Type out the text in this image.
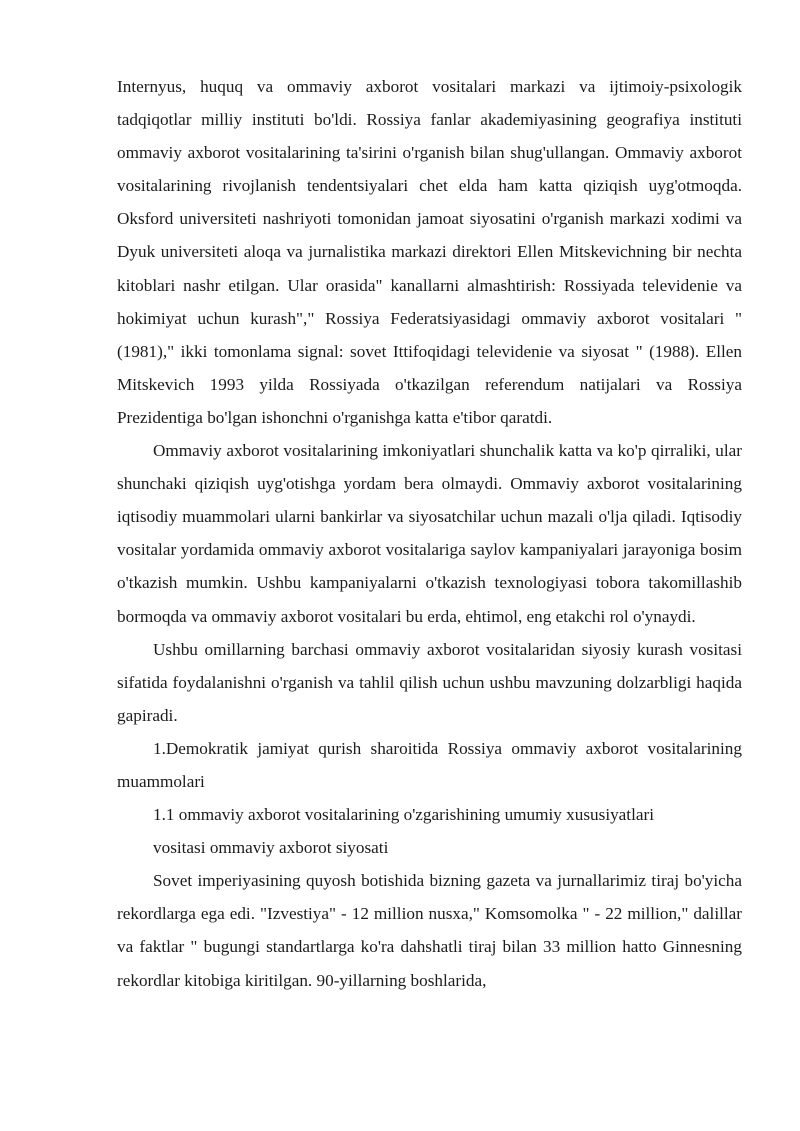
Internyus, huquq va ommaviy axborot vositalari markazi va ijtimoiy-psixologik tadqiqotlar milliy instituti bo'ldi. Rossiya fanlar akademiyasining geografiya instituti ommaviy axborot vositalarining ta'sirini o'rganish bilan shug'ullangan. Ommaviy axborot vositalarining rivojlanish tendentsiyalari chet elda ham katta qiziqish uyg'otmoqda. Oksford universiteti nashriyoti tomonidan jamoat siyosatini o'rganish markazi xodimi va Dyuk universiteti aloqa va jurnalistika markazi direktori Ellen Mitskevichning bir nechta kitoblari nashr etilgan. Ular orasida" kanallarni almashtirish: Rossiyada televidenie va hokimiyat uchun kurash"," Rossiya Federatsiyasidagi ommaviy axborot vositalari "(1981)," ikki tomonlama signal: sovet Ittifoqidagi televidenie va siyosat " (1988). Ellen Mitskevich 1993 yilda Rossiyada o'tkazilgan referendum natijalari va Rossiya Prezidentiga bo'lgan ishonchni o'rganishga katta e'tibor qaratdi.

Ommaviy axborot vositalarining imkoniyatlari shunchalik katta va ko'p qirraliki, ular shunchaki qiziqish uyg'otishga yordam bera olmaydi. Ommaviy axborot vositalarining iqtisodiy muammolari ularni bankirlar va siyosatchilar uchun mazali o'lja qiladi. Iqtisodiy vositalar yordamida ommaviy axborot vositalariga saylov kampaniyalari jarayoniga bosim o'tkazish mumkin. Ushbu kampaniyalarni o'tkazish texnologiyasi tobora takomillashib bormoqda va ommaviy axborot vositalari bu erda, ehtimol, eng etakchi rol o'ynaydi.

Ushbu omillarning barchasi ommaviy axborot vositalaridan siyosiy kurash vositasi sifatida foydalanishni o'rganish va tahlil qilish uchun ushbu mavzuning dolzarbligi haqida gapiradi.

1.Demokratik jamiyat qurish sharoitida Rossiya ommaviy axborot vositalarining muammolari

1.1 ommaviy axborot vositalarining o'zgarishining umumiy xususiyatlari

vositasi ommaviy axborot siyosati

Sovet imperiyasining quyosh botishida bizning gazeta va jurnallarimiz tiraj bo'yicha rekordlarga ega edi. "Izvestiya" - 12 million nusxa," Komsomolka " - 22 million," dalillar va faktlar " bugungi standartlarga ko'ra dahshatli tiraj bilan 33 million hatto Ginnesning rekordlar kitobiga kiritilgan. 90-yillarning boshlarida,
